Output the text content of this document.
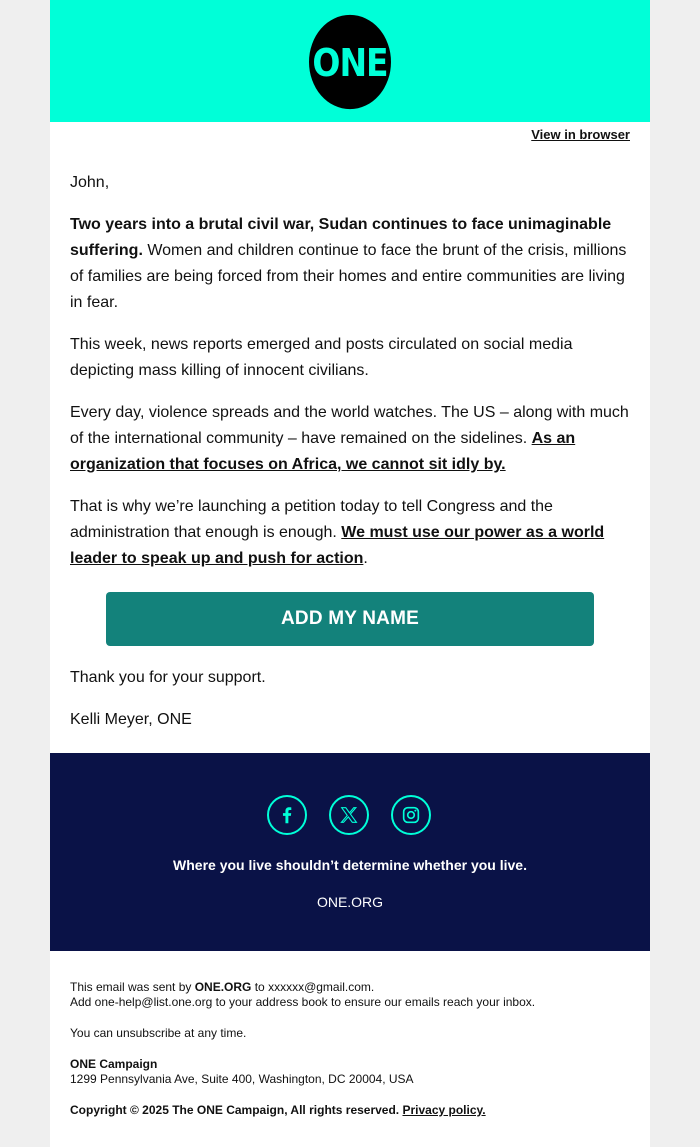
ONE
View in browser

John,

Two years into a brutal civil war, Sudan continues to face unimaginable suffering. Women and children continue to face the brunt of the crisis, millions of families are being forced from their homes and entire communities are living in fear.

This week, news reports emerged and posts circulated on social media depicting mass killing of innocent civilians.

Every day, violence spreads and the world watches. The US – along with much of the international community – have remained on the sidelines. As an organization that focuses on Africa, we cannot sit idly by.

That is why we’re launching a petition today to tell Congress and the administration that enough is enough. We must use our power as a world leader to speak up and push for action.

ADD MY NAME
Thank you for your support.
Kelli Meyer, ONE
Where you live shouldn’t determine whether you live.
ONE.ORG

This email was sent by ONE.ORG to xxxxxx@gmail.com.

Add one-help@list.one.org to your address book to ensure our emails reach your inbox.

You can unsubscribe at any time.

ONE Campaign

1299 Pennsylvania Ave, Suite 400, Washington, DC 20004, USA

Copyright © 2025 The ONE Campaign, All rights reserved. Privacy policy.
